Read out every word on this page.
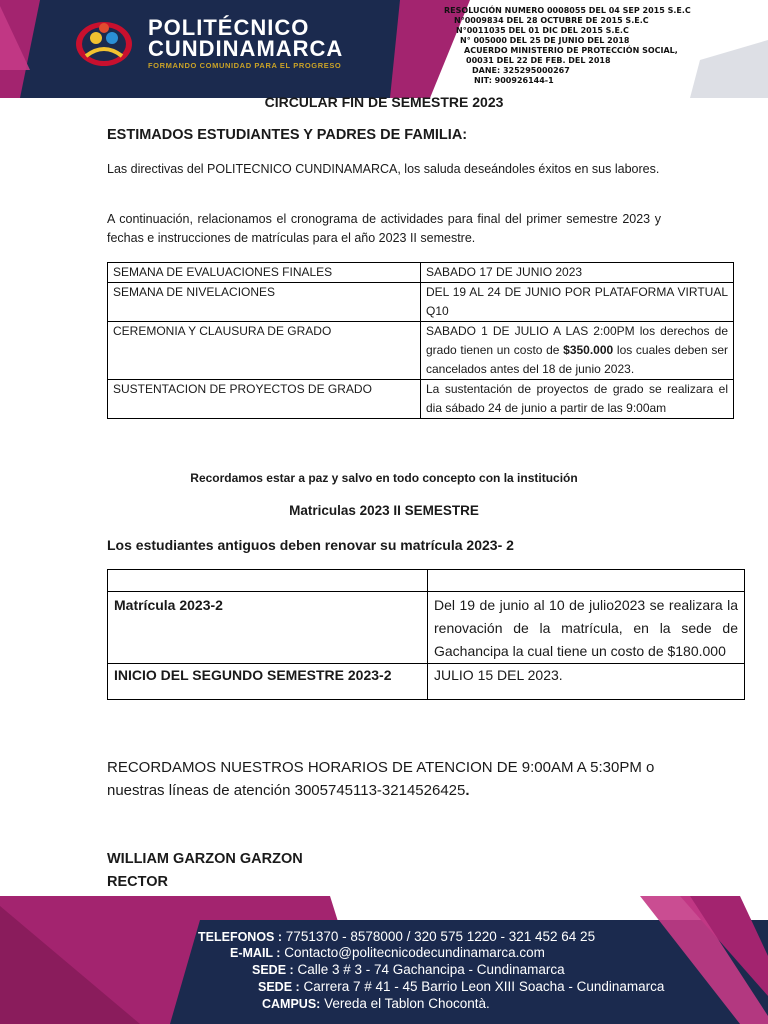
POLITÉCNICO
CUNDINAMARCA
FORMANDO COMUNIDAD PARA EL PROGRESO
RESOLUCIÓN NUMERO 0008055 DEL 04 SEP 2015 S.E.C
N°0009834 DEL 28 OCTUBRE DE 2015 S.E.C
N°0011035 DEL 01 DIC DEL 2015 S.E.C
N° 005000 DEL 25 DE JUNIO DEL 2018
ACUERDO MINISTERIO DE PROTECCIÓN SOCIAL,
00031 DEL 22 DE FEB. DEL 2018
DANE: 325295000267
NIT: 900926144-1
CIRCULAR FIN DE SEMESTRE 2023
ESTIMADOS ESTUDIANTES Y PADRES DE FAMILIA:
Las directivas del POLITECNICO CUNDINAMARCA, los saluda deseándoles éxitos en sus labores.
A continuación, relacionamos el cronograma de actividades para final del primer semestre 2023 y fechas e instrucciones de matrículas para el año 2023 II semestre.
SEMANA DE EVALUACIONES FINALES	SABADO 17 DE JUNIO 2023
SEMANA DE NIVELACIONES	DEL 19 AL 24 DE JUNIO POR PLATAFORMA VIRTUAL Q10
CEREMONIA Y CLAUSURA DE GRADO	SABADO 1 DE JULIO A LAS 2:00PM los derechos de grado tienen un costo de $350.000 los cuales deben ser cancelados antes del 18 de junio 2023.
SUSTENTACION DE PROYECTOS DE GRADO	La sustentación de proyectos de grado se realizara el dia sábado 24 de junio a partir de las 9:00am
Recordamos estar a paz y salvo en todo concepto con la institución
Matriculas 2023 II SEMESTRE
Los estudiantes antiguos deben renovar su matrícula 2023- 2

Matrícula 2023-2	Del 19 de junio al 10 de julio2023 se realizara la renovación de la matrícula, en la sede de Gachancipa la cual tiene un costo de $180.000
INICIO DEL SEGUNDO SEMESTRE 2023-2	JULIO 15 DEL 2023.
RECORDAMOS NUESTROS HORARIOS DE ATENCION DE 9:00AM A 5:30PM o
nuestras líneas de atención 3005745113-3214526425.
WILLIAM GARZON GARZON
RECTOR
TELEFONOS : 7751370 - 8578000 / 320 575 1220 - 321 452 64 25
E-MAIL : Contacto@politecnicodecundinamarca.com
SEDE : Calle 3 # 3 - 74 Gachancipa - Cundinamarca
SEDE : Carrera 7 # 41 - 45 Barrio Leon XIII Soacha - Cundinamarca
CAMPUS: Vereda el Tablon Chocontà.
